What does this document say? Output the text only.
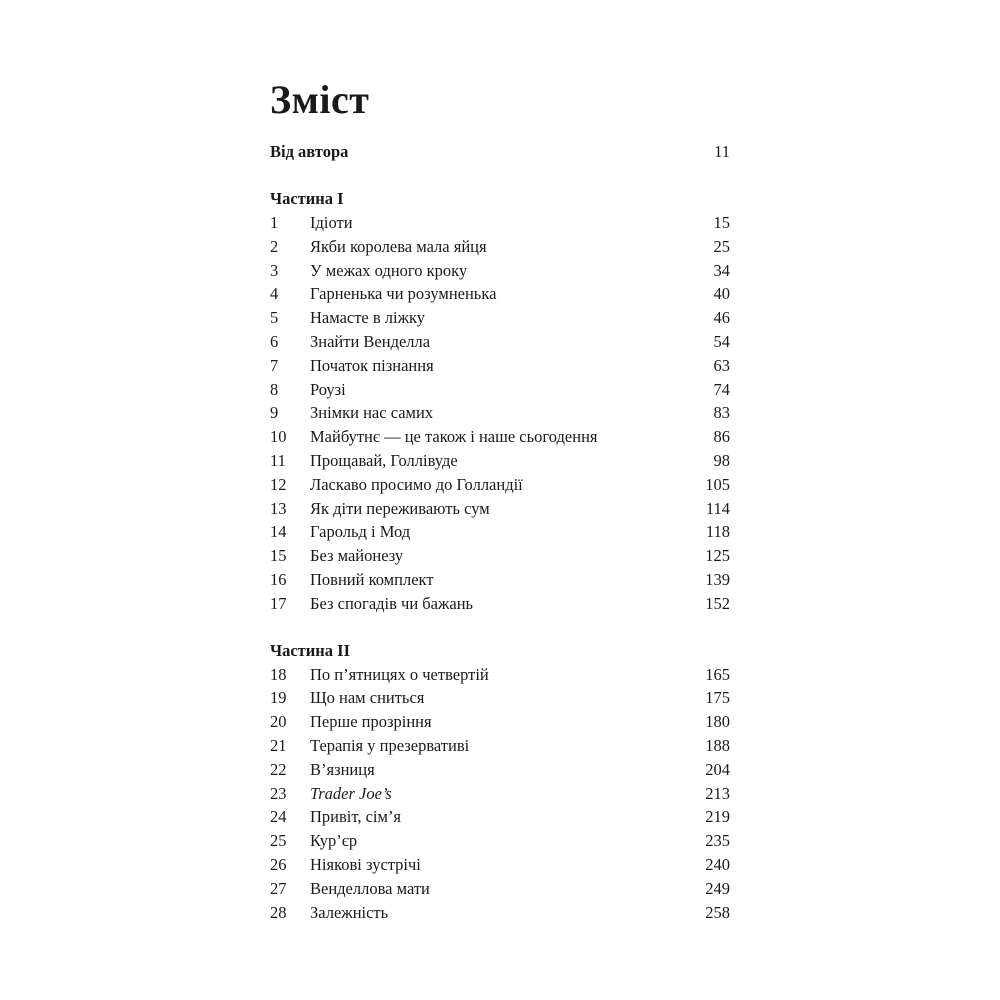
Зміст
Від автора	11
Частина І
1	Ідіоти	15
2	Якби королева мала яйця	25
3	У межах одного кроку	34
4	Гарненька чи розумненька	40
5	Намасте в ліжку	46
6	Знайти Венделла	54
7	Початок пізнання	63
8	Роузі	74
9	Знімки нас самих	83
10	Майбутнє — це також і наше сьогодення	86
11	Прощавай, Голлівуде	98
12	Ласкаво просимо до Голландії	105
13	Як діти переживають сум	114
14	Гарольд і Мод	118
15	Без майонезу	125
16	Повний комплект	139
17	Без спогадів чи бажань	152
Частина ІІ
18	По п’ятницях о четвертій	165
19	Що нам сниться	175
20	Перше прозріння	180
21	Терапія у презервативі	188
22	В’язниця	204
23	Trader Joe’s	213
24	Привіт, сім’я	219
25	Кур’єр	235
26	Ніякові зустрічі	240
27	Венделлова мати	249
28	Залежність	258
